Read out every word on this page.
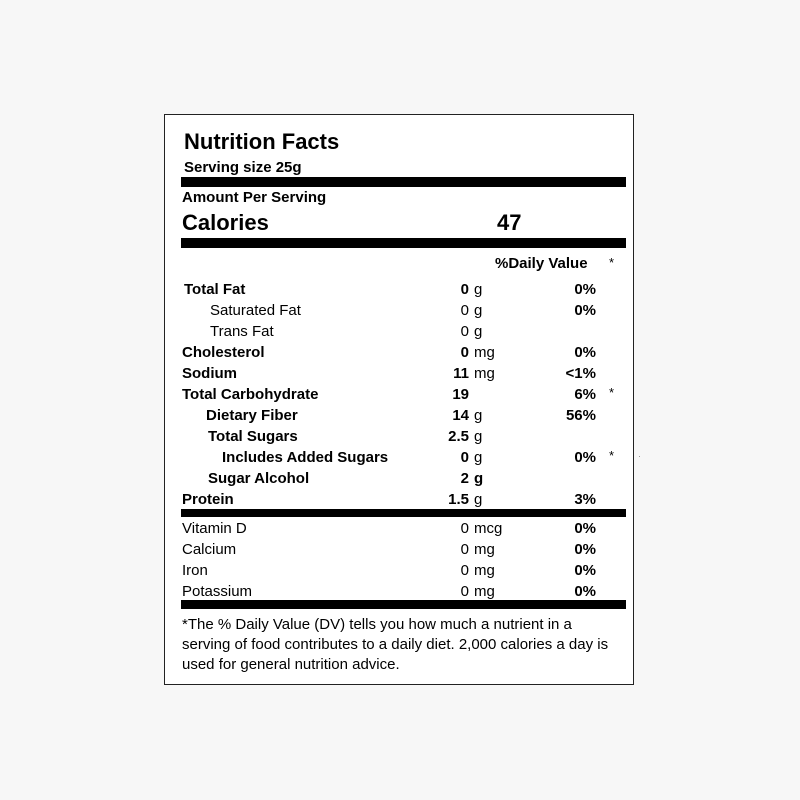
Nutrition Facts
Serving size 25g
Amount Per Serving
Calories	47
%Daily Value *
Total Fat	0 g	0%
Saturated Fat	0 g	0%
Trans Fat	0 g
Cholesterol	0 mg	0%
Sodium	11 mg	<1%
Total Carbohydrate	19	6% *
Dietary Fiber	14 g	56%
Total Sugars	2.5 g
Includes Added Sugars	0 g	0% *
Sugar Alcohol	2 g
Protein	1.5 g	3%
Vitamin D	0 mcg	0%
Calcium	0 mg	0%
Iron	0 mg	0%
Potassium	0 mg	0%
*The % Daily Value (DV) tells you how much a nutrient in a serving of food contributes to a daily diet. 2,000 calories a day is used for general nutrition advice.
